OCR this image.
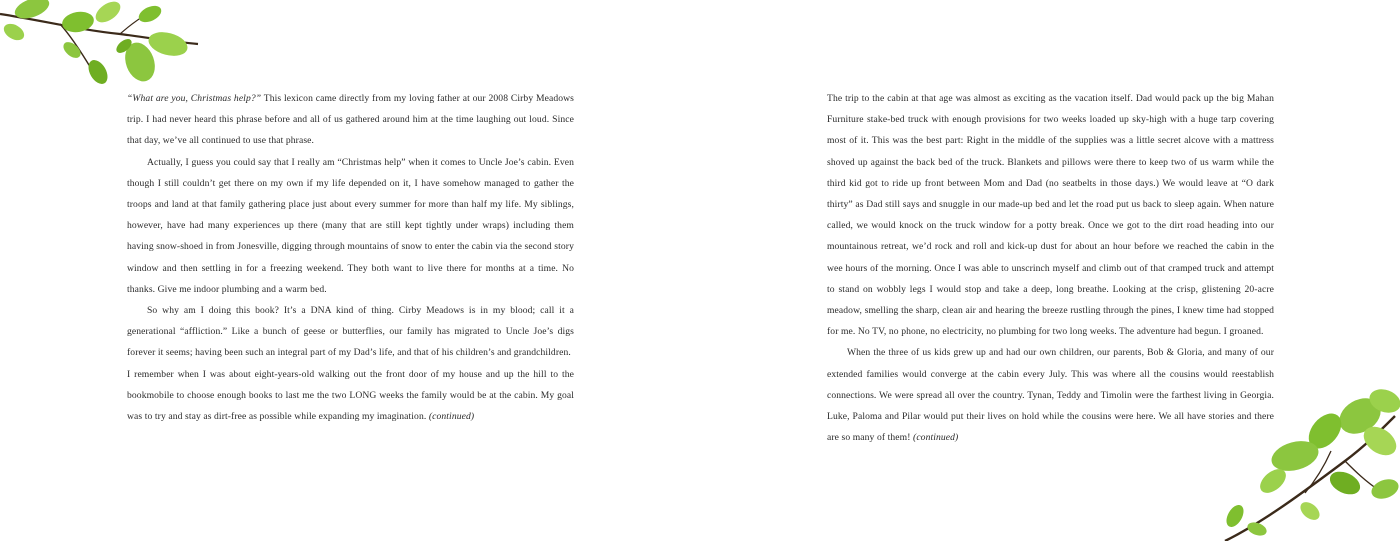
“What are you, Christmas help?” This lexicon came directly from my loving father at our 2008 Cirby Meadows trip. I had never heard this phrase before and all of us gathered around him at the time laughing out loud. Since that day, we’ve all continued to use that phrase.

Actually, I guess you could say that I really am “Christmas help” when it comes to Uncle Joe’s cabin. Even though I still couldn’t get there on my own if my life depended on it, I have somehow managed to gather the troops and land at that family gathering place just about every summer for more than half my life. My siblings, however, have had many experiences up there (many that are still kept tightly under wraps) including them having snow-shoed in from Jonesville, digging through mountains of snow to enter the cabin via the second story window and then settling in for a freezing weekend. They both want to live there for months at a time. No thanks. Give me indoor plumbing and a warm bed.

So why am I doing this book? It’s a DNA kind of thing. Cirby Meadows is in my blood; call it a generational “affliction.” Like a bunch of geese or butterflies, our family has migrated to Uncle Joe’s digs forever it seems; having been such an integral part of my Dad’s life, and that of his children’s and grandchildren.

I remember when I was about eight-years-old walking out the front door of my house and up the hill to the bookmobile to choose enough books to last me the two LONG weeks the family would be at the cabin. My goal was to try and stay as dirt-free as possible while expanding my imagination. (continued)

The trip to the cabin at that age was almost as exciting as the vacation itself. Dad would pack up the big Mahan Furniture stake-bed truck with enough provisions for two weeks loaded up sky-high with a huge tarp covering most of it. This was the best part: Right in the middle of the supplies was a little secret alcove with a mattress shoved up against the back bed of the truck. Blankets and pillows were there to keep two of us warm while the third kid got to ride up front between Mom and Dad (no seatbelts in those days.) We would leave at “O dark thirty” as Dad still says and snuggle in our made-up bed and let the road put us back to sleep again. When nature called, we would knock on the truck window for a potty break. Once we got to the dirt road heading into our mountainous retreat, we’d rock and roll and kick-up dust for about an hour before we reached the cabin in the wee hours of the morning. Once I was able to unscrinch myself and climb out of that cramped truck and attempt to stand on wobbly legs I would stop and take a deep, long breathe. Looking at the crisp, glistening 20-acre meadow, smelling the sharp, clean air and hearing the breeze rustling through the pines, I knew time had stopped for me. No TV, no phone, no electricity, no plumbing for two long weeks. The adventure had begun. I groaned.

When the three of us kids grew up and had our own children, our parents, Bob & Gloria, and many of our extended families would converge at the cabin every July. This was where all the cousins would reestablish connections. We were spread all over the country. Tynan, Teddy and Timolin were the farthest living in Georgia. Luke, Paloma and Pilar would put their lives on hold while the cousins were here. We all have stories and there are so many of them! (continued)
